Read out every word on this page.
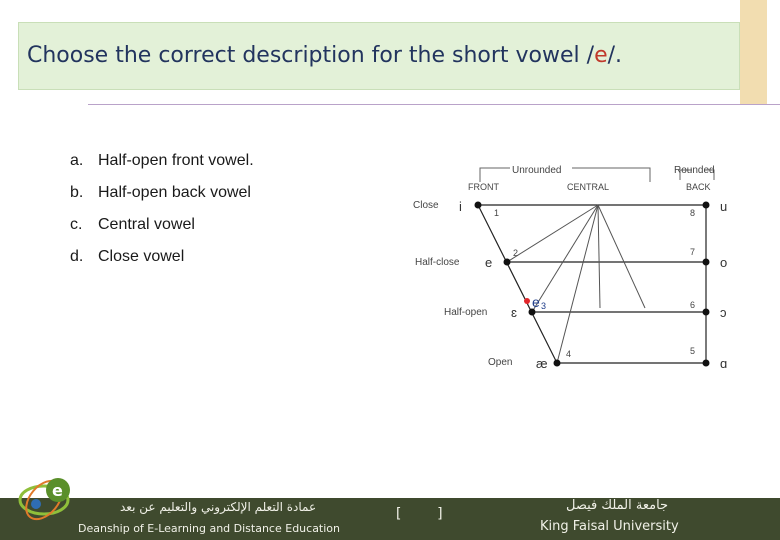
Choose the correct description for the short vowel /e/.
a. Half-open front vowel.
b. Half-open back vowel
c. Central vowel
d. Close vowel
Unrounded	Rounded
FRONT	CENTRAL	BACK
Close
Half-close
Half-open
Open
i
e
ɛ
æ
u
o
ɔ
ɑ
1
2
4	5
6
7
8
e 3
e
عمادة التعلم الإلكتروني والتعليم عن بعد
Deanship of E-Learning and Distance Education
[    ]
جامعة الملك فيصل
King Faisal University
